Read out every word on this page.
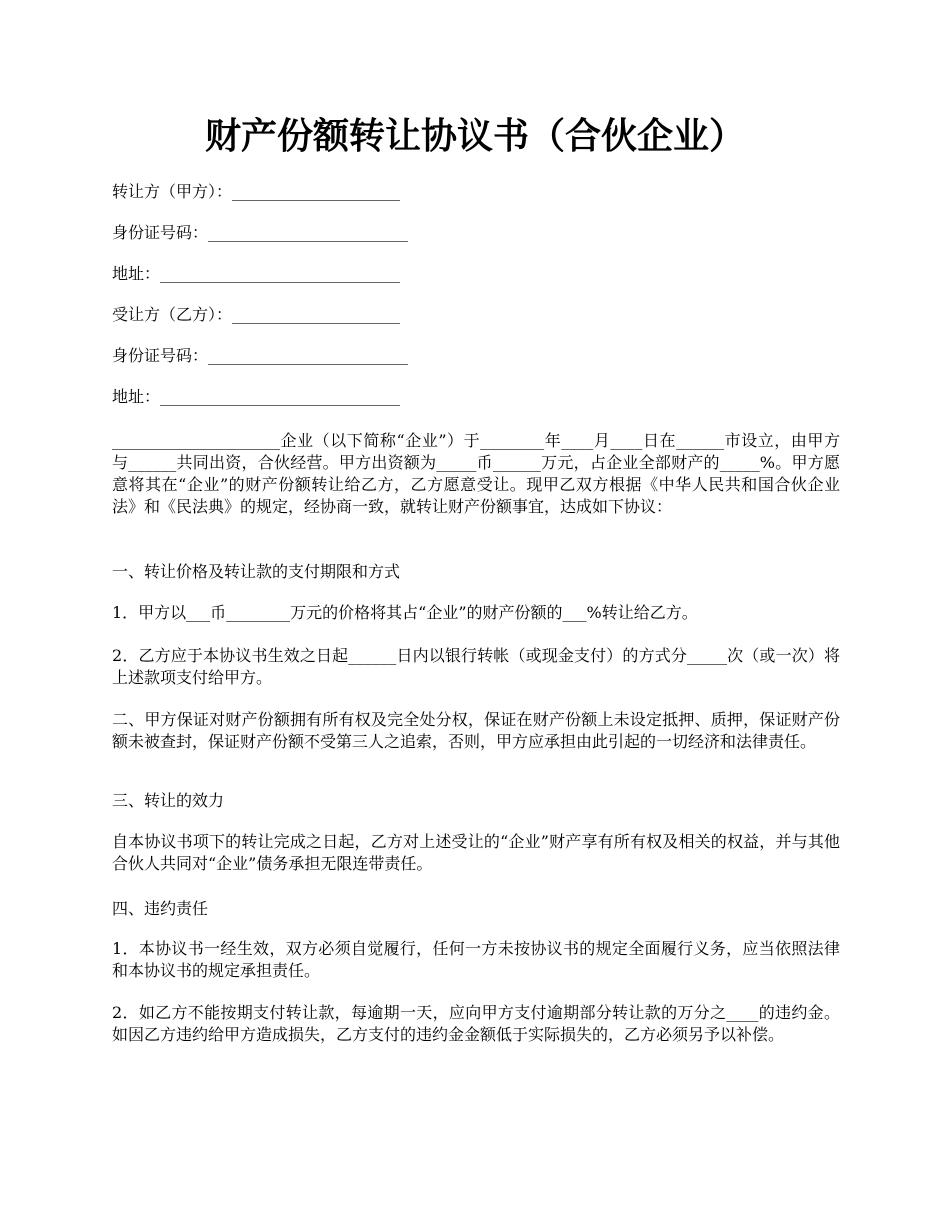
财产份额转让协议书（合伙企业）
转让方（甲方）：_____________________
身份证号码：_________________________
地址：______________________________
受让方（乙方）：_____________________
身份证号码：_________________________
地址：______________________________
_____________________企业（以下简称“企业”）于________年____月____日在______市设立，由甲方与______共同出资，合伙经营。甲方出资额为_____币______万元，占企业全部财产的_____%。甲方愿意将其在“企业”的财产份额转让给乙方，乙方愿意受让。现甲乙双方根据《中华人民共和国合伙企业法》和《民法典》的规定，经协商一致，就转让财产份额事宜，达成如下协议：
一、转让价格及转让款的支付期限和方式
1．甲方以___币________万元的价格将其占“企业”的财产份额的___%转让给乙方。
2．乙方应于本协议书生效之日起______日内以银行转帐（或现金支付）的方式分_____次（或一次）将上述款项支付给甲方。
二、甲方保证对财产份额拥有所有权及完全处分权，保证在财产份额上未设定抵押、质押，保证财产份额未被查封，保证财产份额不受第三人之追索，否则，甲方应承担由此引起的一切经济和法律责任。
三、转让的效力
自本协议书项下的转让完成之日起，乙方对上述受让的“企业”财产享有所有权及相关的权益，并与其他合伙人共同对“企业”债务承担无限连带责任。
四、违约责任
1．本协议书一经生效，双方必须自觉履行，任何一方未按协议书的规定全面履行义务，应当依照法律和本协议书的规定承担责任。
2．如乙方不能按期支付转让款，每逾期一天，应向甲方支付逾期部分转让款的万分之____的违约金。如因乙方违约给甲方造成损失，乙方支付的违约金金额低于实际损失的，乙方必须另予以补偿。
